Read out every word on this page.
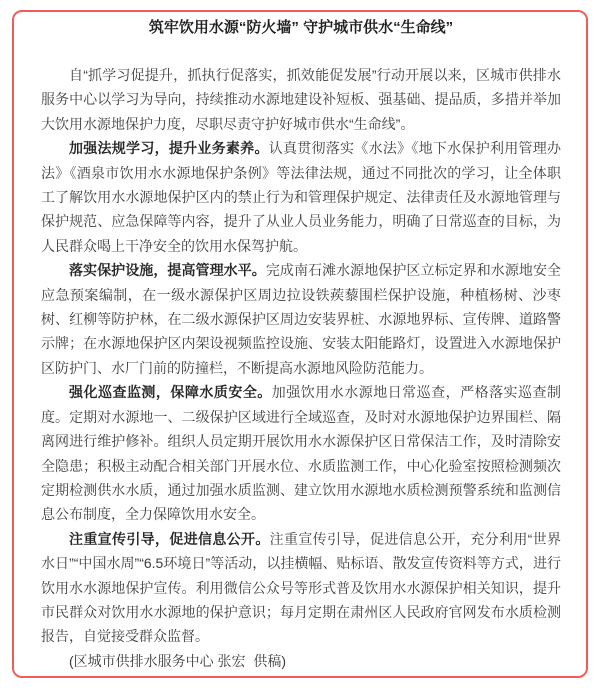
筑牢饮用水源“防火墙” 守护城市供水“生命线”

自“抓学习促提升，抓执行促落实，抓效能促发展”行动开展以来，区城市供排水服务中心以学习为导向，持续推动水源地建设补短板、强基础、提品质，多措并举加大饮用水源地保护力度，尽职尽责守护好城市供水“生命线”。

加强法规学习，提升业务素养。认真贯彻落实《水法》《地下水保护利用管理办法》《酒泉市饮用水水源地保护条例》等法律法规，通过不同批次的学习，让全体职工了解饮用水水源地保护区内的禁止行为和管理保护规定、法律责任及水源地管理与保护规范、应急保障等内容，提升了从业人员业务能力，明确了日常巡查的目标，为人民群众喝上干净安全的饮用水保驾护航。

落实保护设施，提高管理水平。完成南石滩水源地保护区立标定界和水源地安全应急预案编制，在一级水源保护区周边拉设铁蒺藜围栏保护设施，种植杨树、沙枣树、红柳等防护林，在二级水源保护区周边安装界桩、水源地界标、宣传牌、道路警示牌；在水源地保护区内架设视频监控设施、安装太阳能路灯，设置进入水源地保护区防护门、水厂门前的防撞栏，不断提高水源地风险防范能力。

强化巡查监测，保障水质安全。加强饮用水水源地日常巡查，严格落实巡查制度。定期对水源地一、二级保护区域进行全域巡查，及时对水源地保护边界围栏、隔离网进行维护修补。组织人员定期开展饮用水水源保护区日常保洁工作，及时清除安全隐患；积极主动配合相关部门开展水位、水质监测工作，中心化验室按照检测频次定期检测供水水质，通过加强水质监测、建立饮用水源地水质检测预警系统和监测信息公布制度，全力保障饮用水安全。

注重宣传引导，促进信息公开。注重宣传引导，促进信息公开，充分利用“世界水日”“中国水周”“6.5环境日”等活动，以挂横幅、贴标语、散发宣传资料等方式，进行饮用水水源地保护宣传。利用微信公众号等形式普及饮用水水源保护相关知识，提升市民群众对饮用水水源地的保护意识；每月定期在肃州区人民政府官网发布水质检测报告，自觉接受群众监督。

(区城市供排水服务中心 张宏  供稿)
